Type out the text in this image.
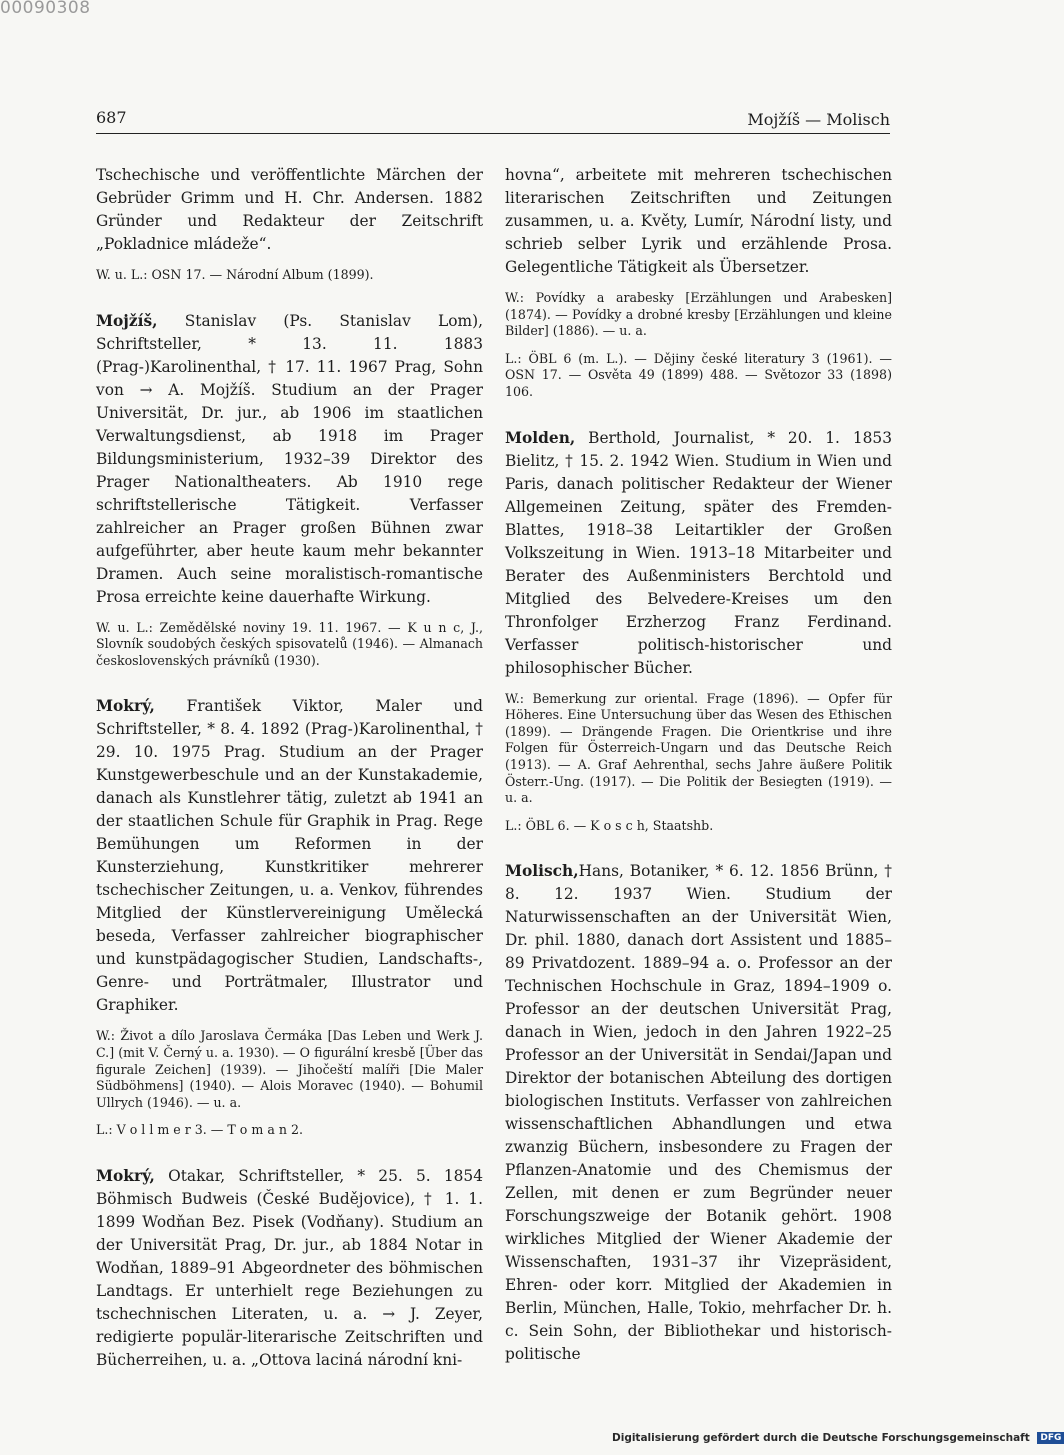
00090308
687	Mojžíš — Molisch

Tschechische und veröffentlichte Märchen der Gebrüder Grimm und H. Chr. Andersen. 1882 Gründer und Redakteur der Zeitschrift „Pokladnice mládeže“.

W. u. L.: OSN 17. — Národní Album (1899).

Mojžíš, Stanislav (Ps. Stanislav Lom), Schriftsteller, * 13. 11. 1883 (Prag-)Karolinenthal, † 17. 11. 1967 Prag, Sohn von → A. Mojžíš. Studium an der Prager Universität, Dr. jur., ab 1906 im staatlichen Verwaltungsdienst, ab 1918 im Prager Bildungsministerium, 1932–39 Direktor des Prager Nationaltheaters. Ab 1910 rege schriftstellerische Tätigkeit. Verfasser zahlreicher an Prager großen Bühnen zwar aufgeführter, aber heute kaum mehr bekannter Dramen. Auch seine moralistisch-romantische Prosa erreichte keine dauerhafte Wirkung.

W. u. L.: Zemědělské noviny 19. 11. 1967. — K u n c, J., Slovník soudobých českých spisovatelů (1946). — Almanach československých právníků (1930).

Mokrý, František Viktor, Maler und Schriftsteller, * 8. 4. 1892 (Prag-)Karolinenthal, † 29. 10. 1975 Prag. Studium an der Prager Kunstgewerbeschule und an der Kunstakademie, danach als Kunstlehrer tätig, zuletzt ab 1941 an der staatlichen Schule für Graphik in Prag. Rege Bemühungen um Reformen in der Kunsterziehung, Kunstkritiker mehrerer tschechischer Zeitungen, u. a. Venkov, führendes Mitglied der Künstlervereinigung Umělecká beseda, Verfasser zahlreicher biographischer und kunstpädagogischer Studien, Landschafts-, Genre- und Porträtmaler, Illustrator und Graphiker.

W.: Život a dílo Jaroslava Čermáka [Das Leben und Werk J. C.] (mit V. Černý u. a. 1930). — O figurální kresbě [Über das figurale Zeichen] (1939). — Jihočeští malíři [Die Maler Südböhmens] (1940). — Alois Moravec (1940). — Bohumil Ullrych (1946). — u. a.

L.: V o l l m e r 3. — T o m a n 2.

Mokrý, Otakar, Schriftsteller, * 25. 5. 1854 Böhmisch Budweis (České Budějovice), † 1. 1. 1899 Wodňan Bez. Pisek (Vodňany). Studium an der Universität Prag, Dr. jur., ab 1884 Notar in Wodňan, 1889–91 Abgeordneter des böhmischen Landtags. Er unterhielt rege Beziehungen zu tschechnischen Literaten, u. a. → J. Zeyer, redigierte populär-literarische Zeitschriften und Bücherreihen, u. a. „Ottova laciná národní kni-

hovna“, arbeitete mit mehreren tschechischen literarischen Zeitschriften und Zeitungen zusammen, u. a. Květy, Lumír, Národní listy, und schrieb selber Lyrik und erzählende Prosa. Gelegentliche Tätigkeit als Übersetzer.

W.: Povídky a arabesky [Erzählungen und Arabesken] (1874). — Povídky a drobné kresby [Erzählungen und kleine Bilder] (1886). — u. a.

L.: ÖBL 6 (m. L.). — Dějiny české literatury 3 (1961). — OSN 17. — Osvěta 49 (1899) 488. — Světozor 33 (1898) 106.

Molden, Berthold, Journalist, * 20. 1. 1853 Bielitz, † 15. 2. 1942 Wien. Studium in Wien und Paris, danach politischer Redakteur der Wiener Allgemeinen Zeitung, später des Fremden-Blattes, 1918–38 Leitartikler der Großen Volkszeitung in Wien. 1913–18 Mitarbeiter und Berater des Außenministers Berchtold und Mitglied des Belvedere-Kreises um den Thronfolger Erzherzog Franz Ferdinand. Verfasser politisch-historischer und philosophischer Bücher.

W.: Bemerkung zur oriental. Frage (1896). — Opfer für Höheres. Eine Untersuchung über das Wesen des Ethischen (1899). — Drängende Fragen. Die Orientkrise und ihre Folgen für Österreich-Ungarn und das Deutsche Reich (1913). — A. Graf Aehrenthal, sechs Jahre äußere Politik Österr.-Ung. (1917). — Die Politik der Besiegten (1919). — u. a.

L.: ÖBL 6. — K o s c h, Staatshb.

Molisch,Hans, Botaniker, * 6. 12. 1856 Brünn, † 8. 12. 1937 Wien. Studium der Naturwissenschaften an der Universität Wien, Dr. phil. 1880, danach dort Assistent und 1885–89 Privatdozent. 1889–94 a. o. Professor an der Technischen Hochschule in Graz, 1894–1909 o. Professor an der deutschen Universität Prag, danach in Wien, jedoch in den Jahren 1922–25 Professor an der Universität in Sendai/Japan und Direktor der botanischen Abteilung des dortigen biologischen Instituts. Verfasser von zahlreichen wissenschaftlichen Abhandlungen und etwa zwanzig Büchern, insbesondere zu Fragen der Pflanzen-Anatomie und des Chemismus der Zellen, mit denen er zum Begründer neuer Forschungszweige der Botanik gehört. 1908 wirkliches Mitglied der Wiener Akademie der Wissenschaften, 1931–37 ihr Vizepräsident, Ehren- oder korr. Mitglied der Akademien in Berlin, München, Halle, Tokio, mehrfacher Dr. h. c. Sein Sohn, der Bibliothekar und historisch-politische

Digitalisierung gefördert durch die Deutsche Forschungsgemeinschaft DFG
